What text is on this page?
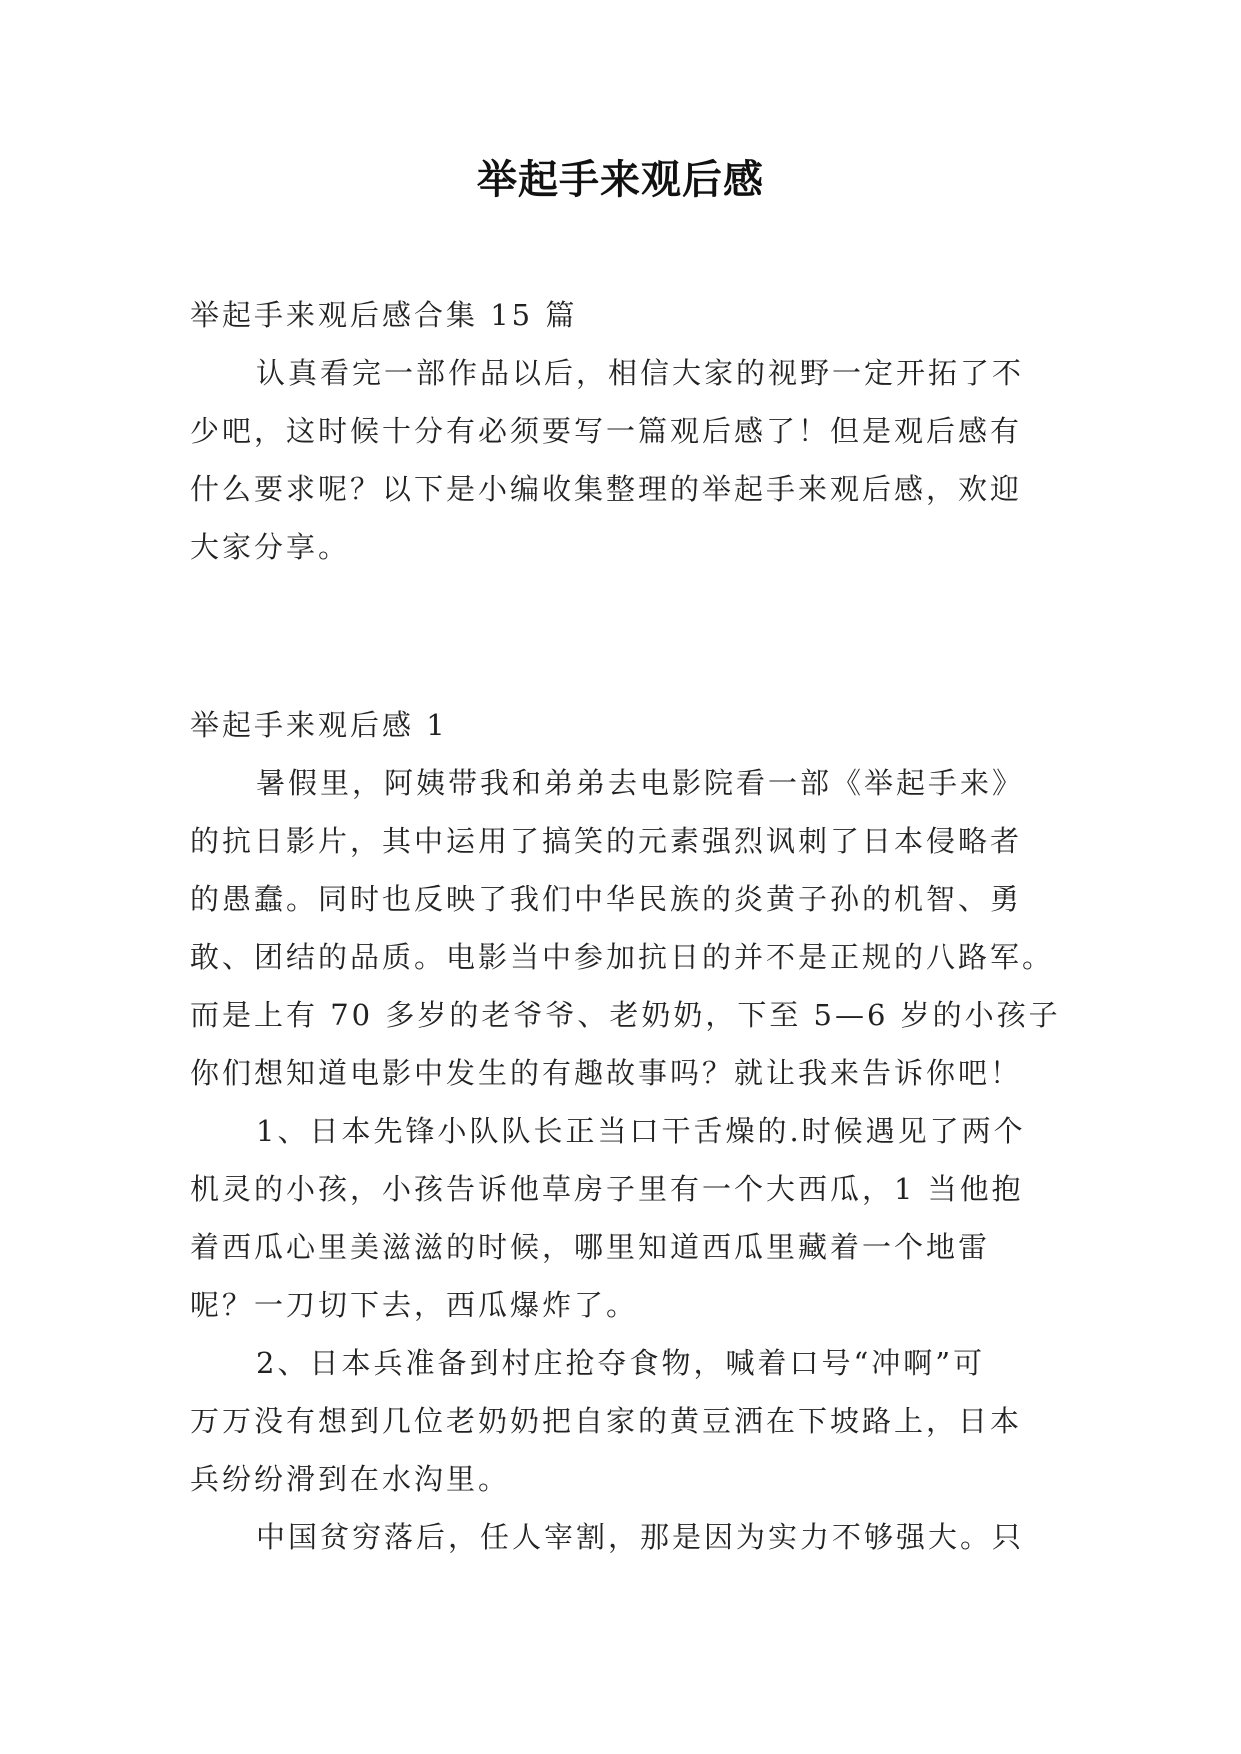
举起手来观后感
举起手来观后感合集 15 篇
认真看完一部作品以后，相信大家的视野一定开拓了不
少吧，这时候十分有必须要写一篇观后感了！但是观后感有
什么要求呢？以下是小编收集整理的举起手来观后感，欢迎
大家分享。
举起手来观后感 1
暑假里，阿姨带我和弟弟去电影院看一部《举起手来》
的抗日影片，其中运用了搞笑的元素强烈讽刺了日本侵略者
的愚蠢。同时也反映了我们中华民族的炎黄子孙的机智、勇
敢、团结的品质。电影当中参加抗日的并不是正规的八路军。
而是上有 70 多岁的老爷爷、老奶奶，下至 5—6 岁的小孩子
你们想知道电影中发生的有趣故事吗？就让我来告诉你吧！
1、日本先锋小队队长正当口干舌燥的.时候遇见了两个
机灵的小孩，小孩告诉他草房子里有一个大西瓜，1 当他抱
着西瓜心里美滋滋的时候，哪里知道西瓜里藏着一个地雷
呢？一刀切下去，西瓜爆炸了。
2、日本兵准备到村庄抢夺食物，喊着口号“冲啊”可
万万没有想到几位老奶奶把自家的黄豆洒在下坡路上，日本
兵纷纷滑到在水沟里。
中国贫穷落后，任人宰割，那是因为实力不够强大。只
